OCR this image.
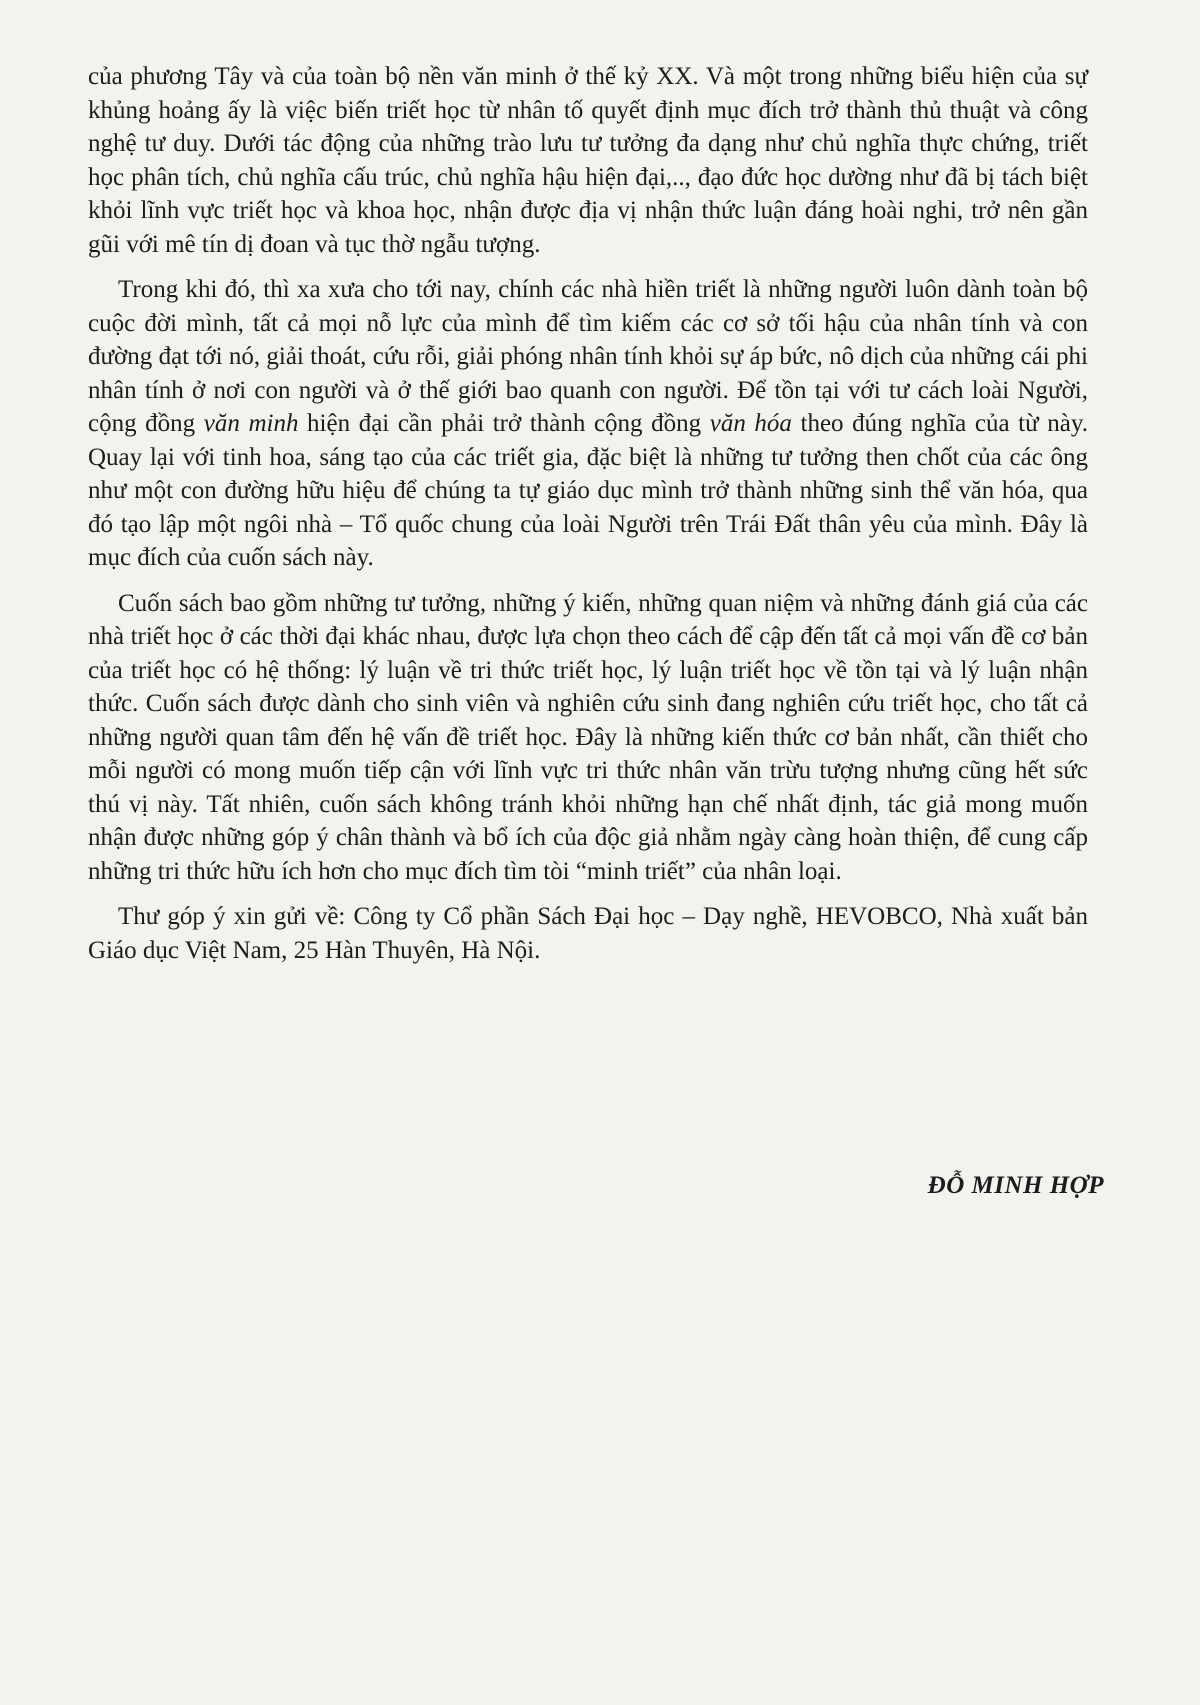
của phương Tây và của toàn bộ nền văn minh ở thế kỷ XX. Và một trong những biểu hiện của sự khủng hoảng ấy là việc biến triết học từ nhân tố quyết định mục đích trở thành thủ thuật và công nghệ tư duy. Dưới tác động của những trào lưu tư tưởng đa dạng như chủ nghĩa thực chứng, triết học phân tích, chủ nghĩa cấu trúc, chủ nghĩa hậu hiện đại,.., đạo đức học dường như đã bị tách biệt khỏi lĩnh vực triết học và khoa học, nhận được địa vị nhận thức luận đáng hoài nghi, trở nên gần gũi với mê tín dị đoan và tục thờ ngẫu tượng.

Trong khi đó, thì xa xưa cho tới nay, chính các nhà hiền triết là những người luôn dành toàn bộ cuộc đời mình, tất cả mọi nỗ lực của mình để tìm kiếm các cơ sở tối hậu của nhân tính và con đường đạt tới nó, giải thoát, cứu rỗi, giải phóng nhân tính khỏi sự áp bức, nô dịch của những cái phi nhân tính ở nơi con người và ở thế giới bao quanh con người. Để tồn tại với tư cách loài Người, cộng đồng văn minh hiện đại cần phải trở thành cộng đồng văn hóa theo đúng nghĩa của từ này. Quay lại với tinh hoa, sáng tạo của các triết gia, đặc biệt là những tư tưởng then chốt của các ông như một con đường hữu hiệu để chúng ta tự giáo dục mình trở thành những sinh thể văn hóa, qua đó tạo lập một ngôi nhà – Tổ quốc chung của loài Người trên Trái Đất thân yêu của mình. Đây là mục đích của cuốn sách này.

Cuốn sách bao gồm những tư tưởng, những ý kiến, những quan niệm và những đánh giá của các nhà triết học ở các thời đại khác nhau, được lựa chọn theo cách để cập đến tất cả mọi vấn đề cơ bản của triết học có hệ thống: lý luận về tri thức triết học, lý luận triết học về tồn tại và lý luận nhận thức. Cuốn sách được dành cho sinh viên và nghiên cứu sinh đang nghiên cứu triết học, cho tất cả những người quan tâm đến hệ vấn đề triết học. Đây là những kiến thức cơ bản nhất, cần thiết cho mỗi người có mong muốn tiếp cận với lĩnh vực tri thức nhân văn trừu tượng nhưng cũng hết sức thú vị này. Tất nhiên, cuốn sách không tránh khỏi những hạn chế nhất định, tác giả mong muốn nhận được những góp ý chân thành và bổ ích của độc giả nhằm ngày càng hoàn thiện, để cung cấp những tri thức hữu ích hơn cho mục đích tìm tòi “minh triết” của nhân loại.

Thư góp ý xin gửi về: Công ty Cổ phần Sách Đại học – Dạy nghề, HEVOBCO, Nhà xuất bản Giáo dục Việt Nam, 25 Hàn Thuyên, Hà Nội.

ĐỖ MINH HỢP
